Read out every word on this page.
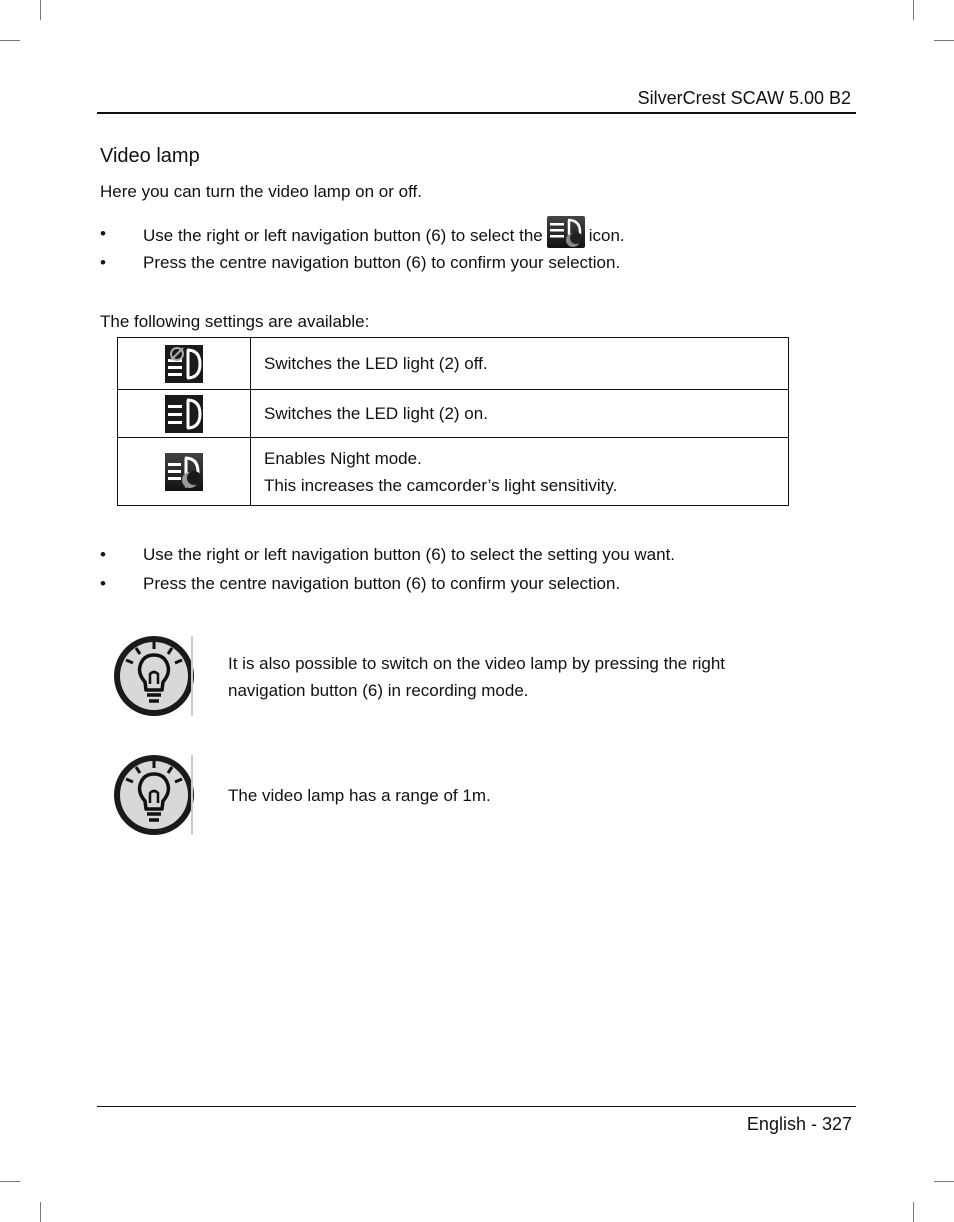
SilverCrest SCAW 5.00 B2
Video lamp
Here you can turn the video lamp on or off.
• Use the right or left navigation button (6) to select the	icon.
• Press the centre navigation button (6) to confirm your selection.
The following settings are available:

Switches the LED light (2) off.

Switches the LED light (2) on.

Enables Night mode.
This increases the camcorder’s light sensitivity.
• Use the right or left navigation button (6) to select the setting you want.
• Press the centre navigation button (6) to confirm your selection.
It is also possible to switch on the video lamp by pressing the right
navigation button (6) in recording mode.
The video lamp has a range of 1m.
English - 327
